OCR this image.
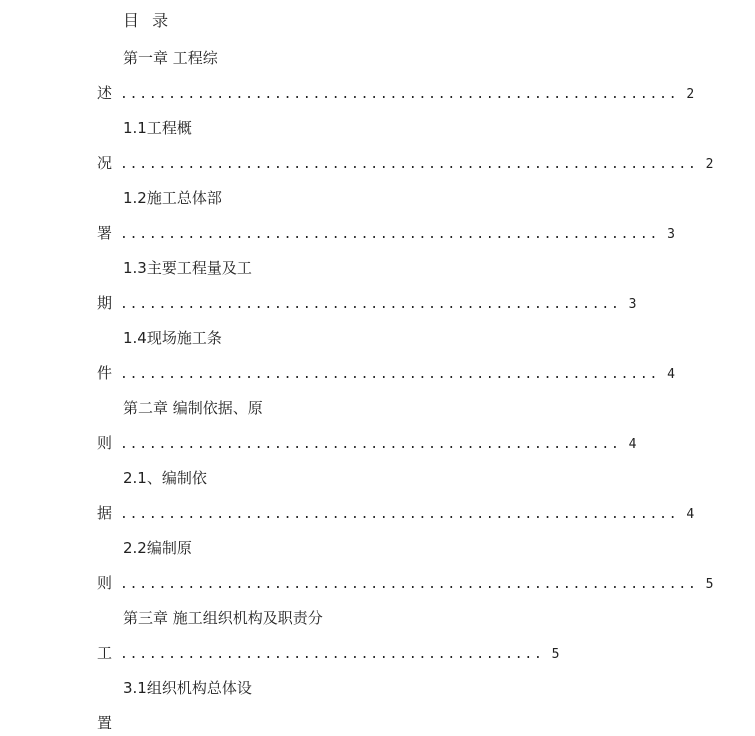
目 录
第一章 工程综
述 .......................................................... 2
1.1工程概
况 ............................................................ 2
1.2施工总体部
署 ........................................................ 3
1.3主要工程量及工
期 .................................................... 3
1.4现场施工条
件 ........................................................ 4
第二章 编制依据、原
则 .................................................... 4
2.1、编制依
据 .......................................................... 4
2.2编制原
则 ............................................................ 5
第三章 施工组织机构及职责分
工 ............................................ 5
3.1组织机构总体设
置
